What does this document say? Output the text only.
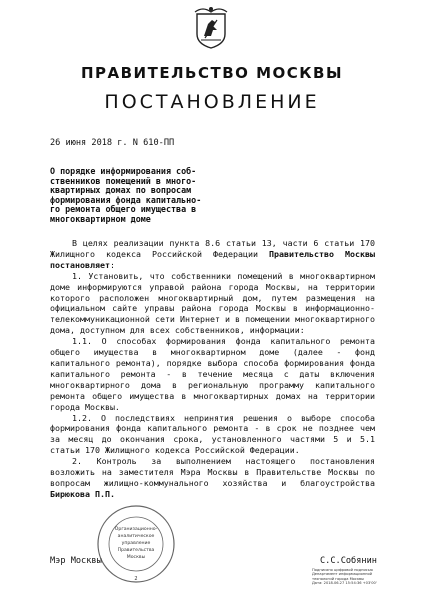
ПРАВИТЕЛЬСТВО МОСКВЫ
ПОСТАНОВЛЕНИЕ
26 июня 2018 г. N 610-ПП
О порядке информирования соб-
ственников помещений в много-
квартирных домах по вопросам
формирования фонда капитально-
го ремонта общего имущества в
многоквартирном доме

В целях реализации пункта 8.6 статьи 13, части 6 статьи 170 Жилищного кодекса Российской Федерации Правительство Москвы постановляет:

1. Установить, что собственники помещений в многоквартирном доме информируются управой района города Москвы, на территории которого расположен многоквартирный дом, путем размещения на официальном сайте управы района города Москвы в информационно-телекоммуникационной сети Интернет и в помещении многоквартирного дома, доступном для всех собственников, информации:

1.1. О способах формирования фонда капитального ремонта общего имущества в многоквартирном доме (далее - фонд капитального ремонта), порядке выбора способа формирования фонда капитального ремонта - в течение месяца с даты включения многоквартирного дома в региональную программу капитального ремонта общего имущества в многоквартирных домах на территории города Москвы.

1.2. О последствиях непринятия решения о выборе способа формирования фонда капитального ремонта - в срок не позднее чем за месяц до окончания срока, установленного частями 5 и 5.1 статьи 170 Жилищного кодекса Российской Федерации.

2. Контроль за выполнением настоящего постановления возложить на заместителя Мэра Москвы в Правительстве Москвы по вопросам жилищно-коммунального хозяйства и благоустройства Бирюкова П.П.

Организационно-
аналитическое
управление
Правительства
Москвы
2
Мэр Москвы	С.С.Собянин
Подписано цифровой подписью
Департамент информационной
технологий города Москвы
Дата: 2018.06.27 15:54:36 +03'00'
